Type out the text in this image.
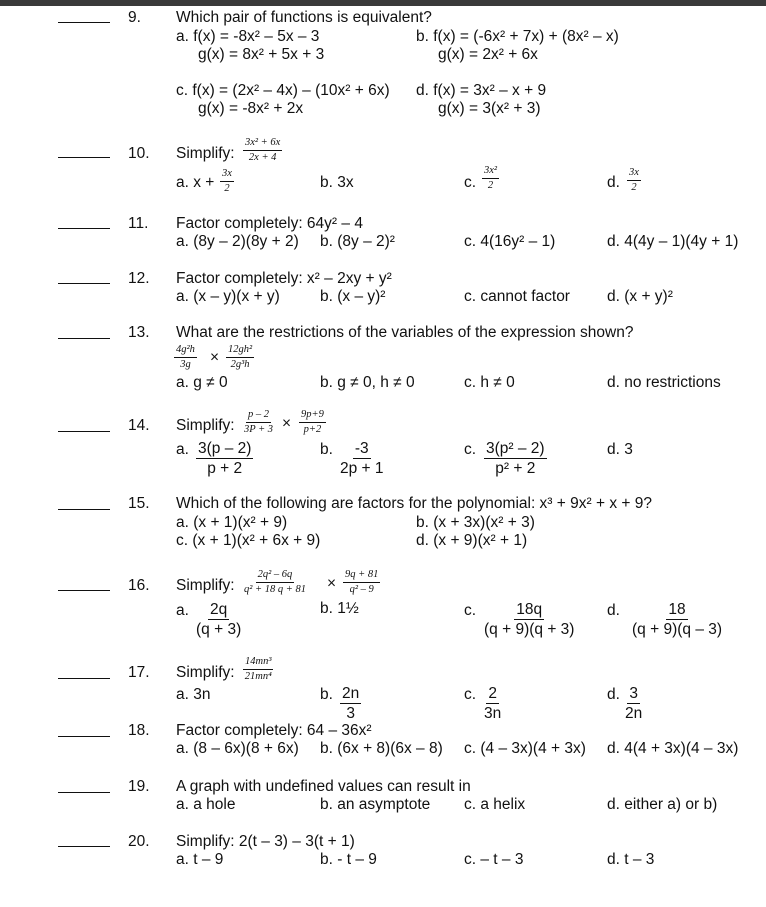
9. Which pair of functions is equivalent?
a. f(x) = -8x² – 5x – 3
g(x) = 8x² + 5x + 3
b. f(x) = (-6x² + 7x) + (8x² – x)
g(x) = 2x² + 6x
c. f(x) = (2x² – 4x) – (10x² + 6x)
g(x) = -8x² + 2x
d. f(x) = 3x² – x + 9
g(x) = 3(x² + 3)
10. Simplify: $\frac{\text{3x² + 6x}}{2x + 4}$
a. $x + \frac{3x}{2}$	b. 3x	c. $\frac{\text{3x²}}{2}$	d. $\frac{3x}{2}$
11. Factor completely: 64y² – 4
a. (8y – 2)(8y + 2) b. (8y – 2)²	c. 4(16y² – 1)	d. 4(4y – 1)(4y + 1)
12. Factor completely: x² – 2xy + y²
a. (x – y)(x + y)	b. (x – y)²	c. cannot factor d. (x + y)²
13. What are the restrictions of the variables of the expression shown?
$\frac{\text{4g²h}}{3g} \times \frac{\text{12gh²}}{\text{2g³h}}$
a. g ≠ 0	b. g ≠ 0, h ≠ 0	c. h ≠ 0	d. no restrictions
14. Simplify: $\frac{p - 2}{3P + 3} \times \frac{9p+9}{p+2}$
a. $\frac{3(p - 2)}{p + 2}$	b. $\frac{-3}{2p + 1}$	c. $\frac{\text{3(p² – 2)}}{\text{p² + 2}}$	d. 3
15. Which of the following are factors for the polynomial: x³ + 9x² + x + 9?
a. (x + 1)(x² + 9)	b. (x + 3x)(x² + 3)
c. (x + 1)(x² + 6x + 9)	d. (x + 9)(x² + 1)
16. Simplify: $\frac{\text{2q² – 6q}}{\text{q² + 18 q + 81}} \times \frac{9q + 81}{\text{q² – 9}}$
a. $\frac{2q}{(q + 3)}$	b. 1½	c. $\frac{18q}{(q + 9)(q + 3)} d$. $\frac{18}{(q + 9)(q - 3)}$
17. Simplify: $\frac{\text{14mn³}}{\text{21mn⁴}}$
a. 3n	b. $\frac{2n}{3}$	c. $\frac{2}{3n}$	d. $\frac{3}{2n}$
18. Factor completely: 64 – 36x²
a. (8 – 6x)(8 + 6x) b. (6x + 8)(6x – 8) c. (4 – 3x)(4 + 3x) d. 4(4 + 3x)(4 – 3x)
19. A graph with undefined values can result in
a. a hole	b. an asymptote c. a helix	d. either a) or b)
20. Simplify: 2(t – 3) – 3(t + 1)
a. t – 9	b. - t – 9	c. – t – 3	d. t – 3
